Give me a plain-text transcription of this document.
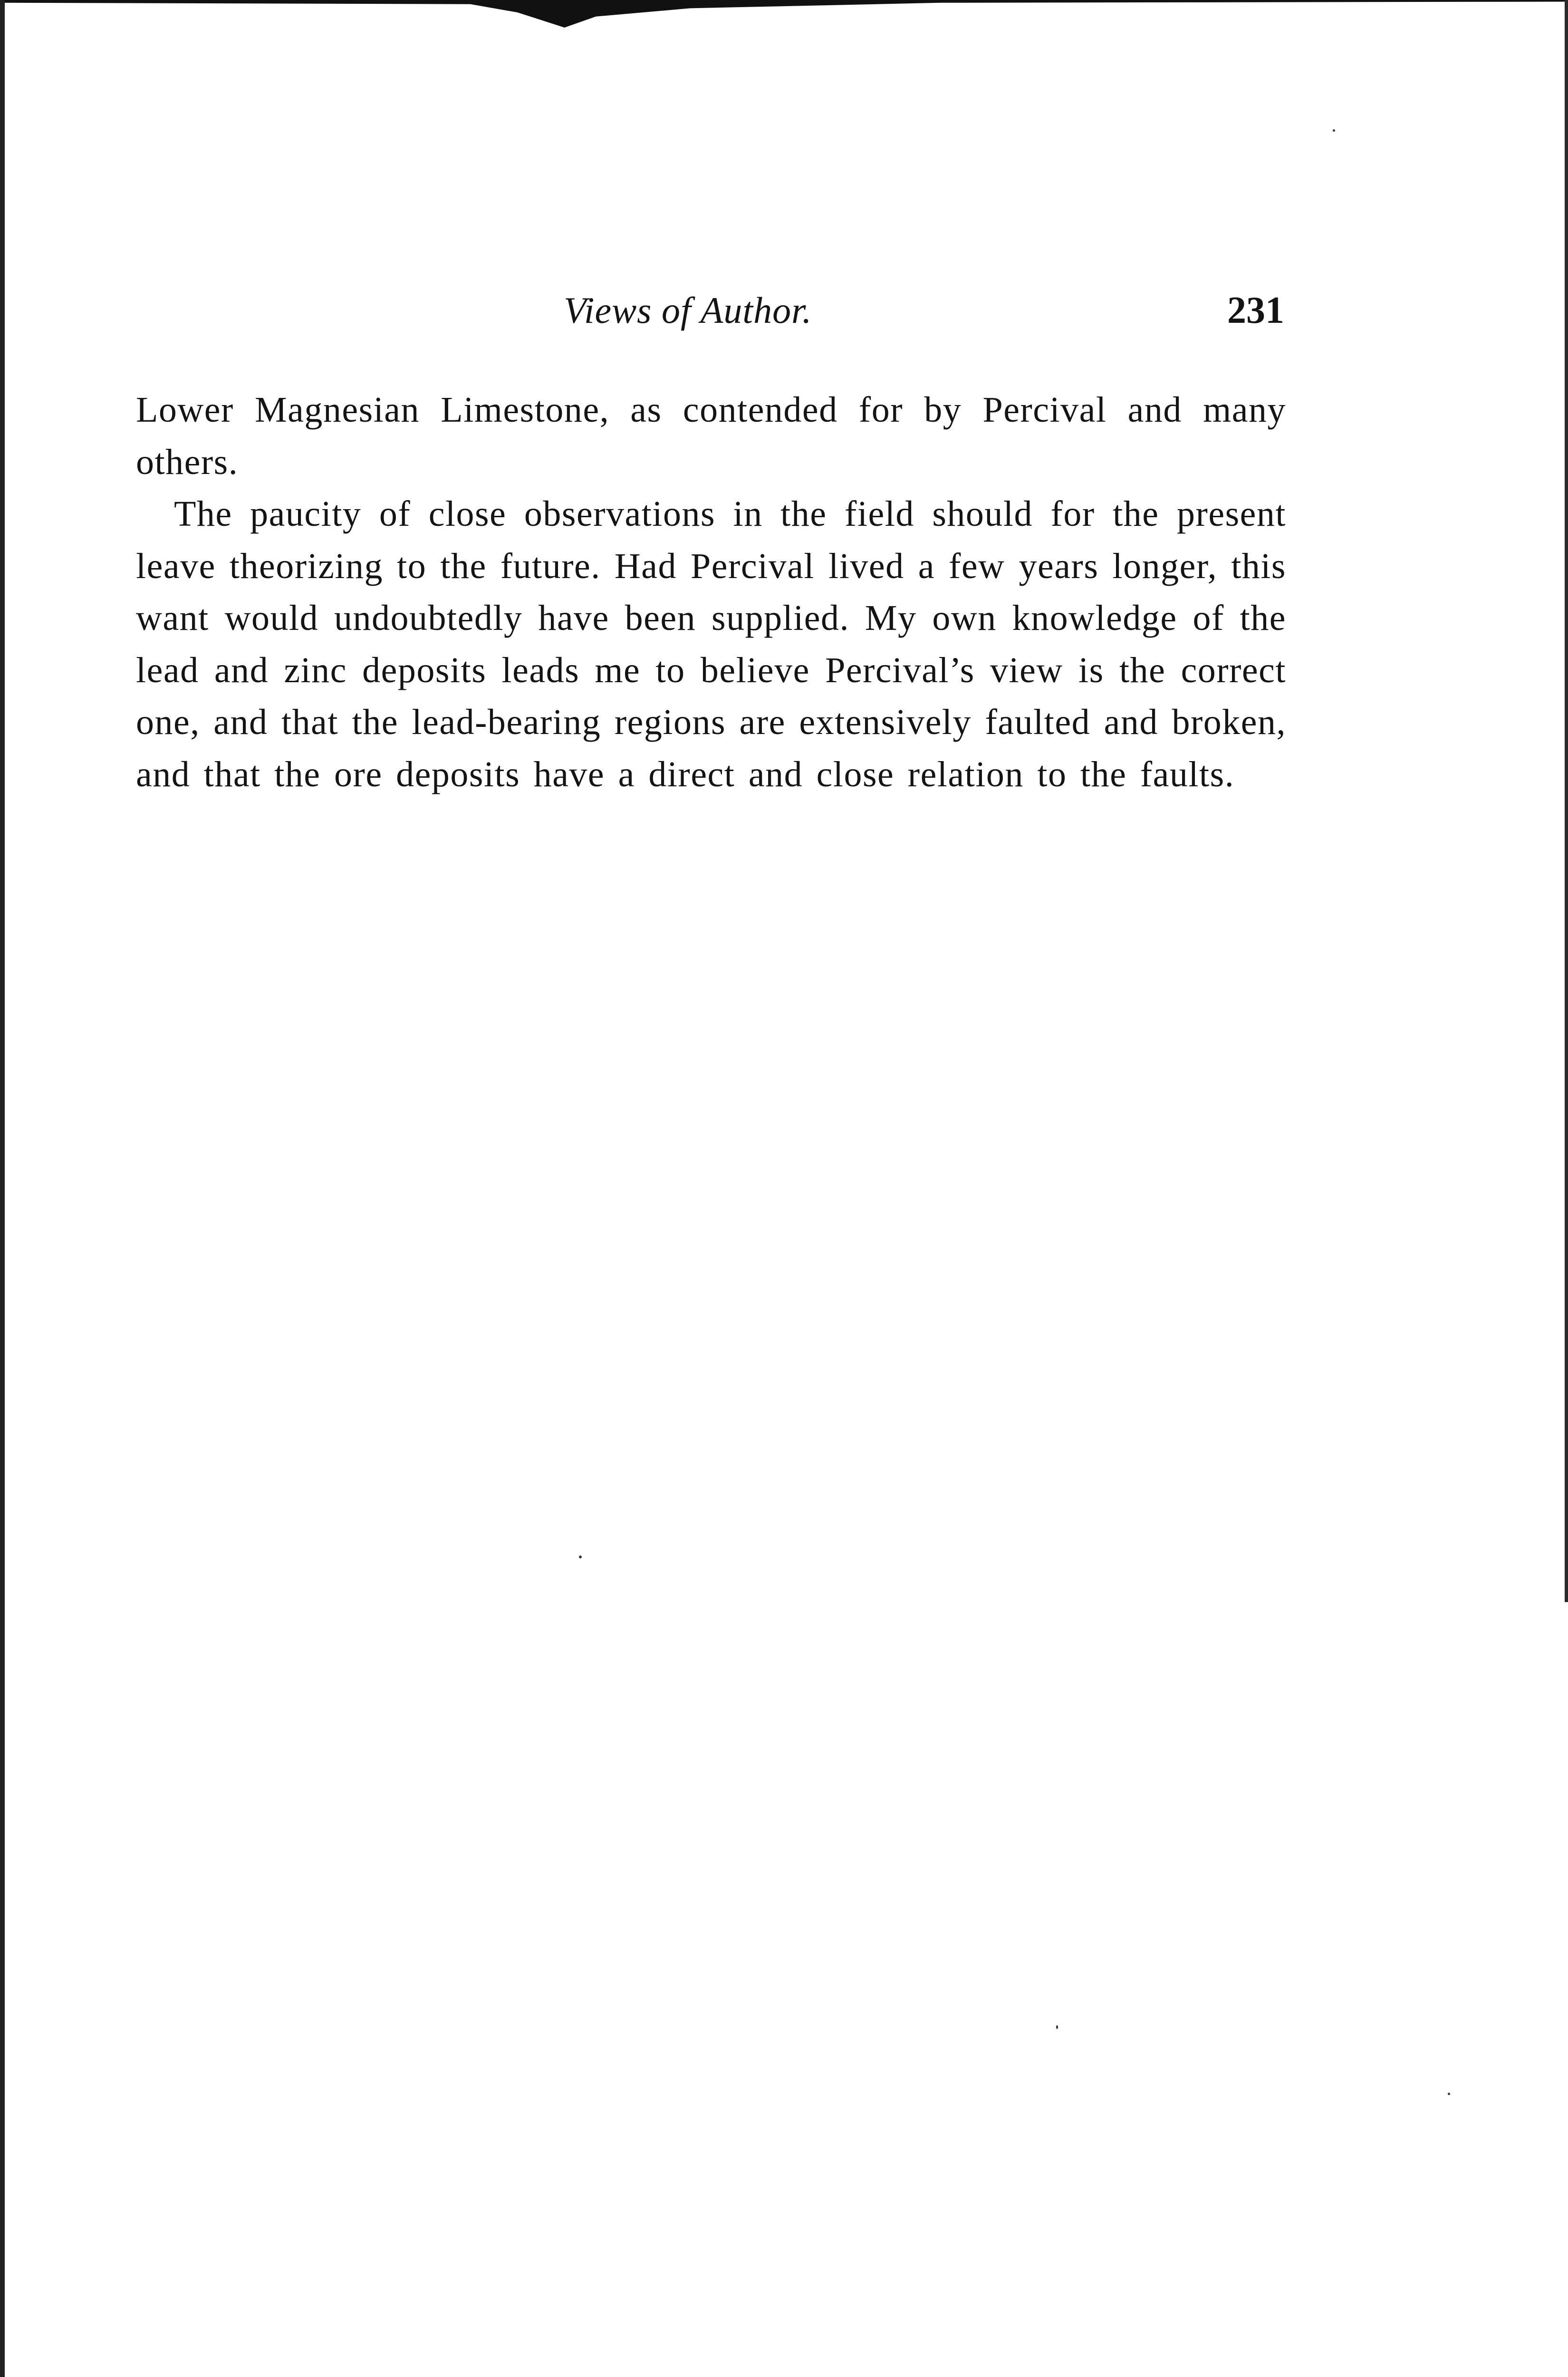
Views of Author.	231

Lower Magnesian Limestone, as contended for by Percival and many others.

The paucity of close observations in the field should for the present leave theorizing to the future. Had Percival lived a few years longer, this want would undoubtedly have been supplied. My own knowledge of the lead and zinc deposits leads me to believe Percival’s view is the correct one, and that the lead-bearing regions are extensively faulted and broken, and that the ore deposits have a direct and close relation to the faults.
